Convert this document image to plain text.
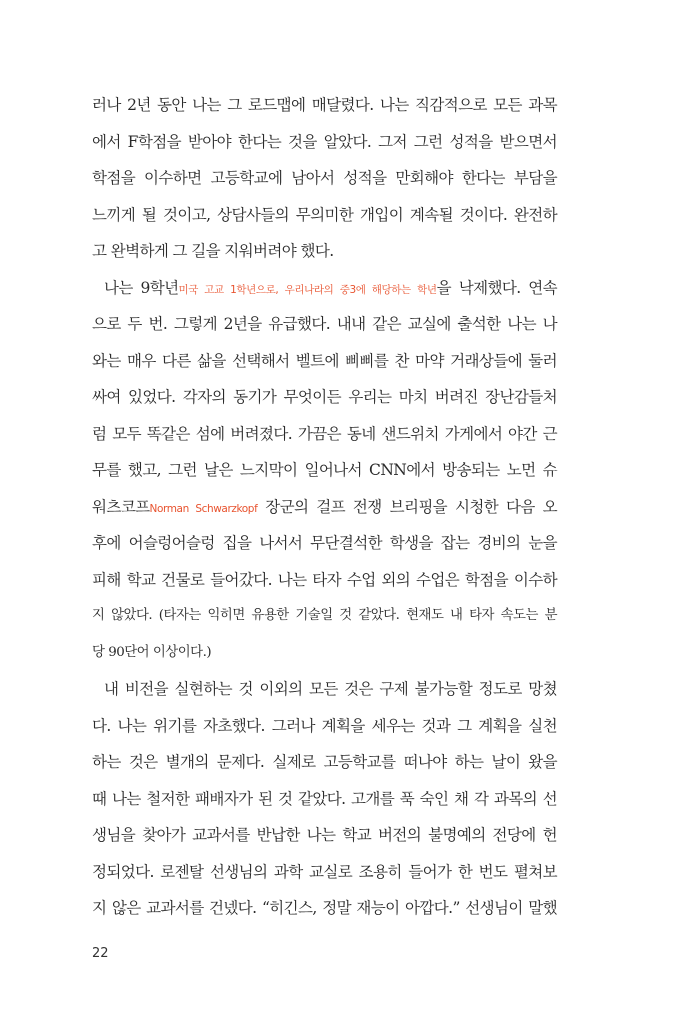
러나 2년 동안 나는 그 로드맵에 매달렸다. 나는 직감적으로 모든 과목
에서 F학점을 받아야 한다는 것을 알았다. 그저 그런 성적을 받으면서
학점을 이수하면 고등학교에 남아서 성적을 만회해야 한다는 부담을
느끼게 될 것이고, 상담사들의 무의미한 개입이 계속될 것이다. 완전하
고 완벽하게 그 길을 지워버려야 했다.
나는 9학년미국 고교 1학년으로, 우리나라의 중3에 해당하는 학년을 낙제했다. 연속
으로 두 번. 그렇게 2년을 유급했다. 내내 같은 교실에 출석한 나는 나
와는 매우 다른 삶을 선택해서 벨트에 삐삐를 찬 마약 거래상들에 둘러
싸여 있었다. 각자의 동기가 무엇이든 우리는 마치 버려진 장난감들처
럼 모두 똑같은 섬에 버려졌다. 가끔은 동네 샌드위치 가게에서 야간 근
무를 했고, 그런 날은 느지막이 일어나서 CNN에서 방송되는 노먼 슈
워츠코프Norman Schwarzkopf 장군의 걸프 전쟁 브리핑을 시청한 다음 오
후에 어슬렁어슬렁 집을 나서서 무단결석한 학생을 잡는 경비의 눈을
피해 학교 건물로 들어갔다. 나는 타자 수업 외의 수업은 학점을 이수하
지 않았다. (타자는 익히면 유용한 기술일 것 같았다. 현재도 내 타자 속도는 분
당 90단어 이상이다.)
내 비전을 실현하는 것 이외의 모든 것은 구제 불가능할 정도로 망쳤
다. 나는 위기를 자초했다. 그러나 계획을 세우는 것과 그 계획을 실천
하는 것은 별개의 문제다. 실제로 고등학교를 떠나야 하는 날이 왔을
때 나는 철저한 패배자가 된 것 같았다. 고개를 푹 숙인 채 각 과목의 선
생님을 찾아가 교과서를 반납한 나는 학교 버전의 불명예의 전당에 헌
정되었다. 로젠탈 선생님의 과학 교실로 조용히 들어가 한 번도 펼쳐보
지 않은 교과서를 건넸다. “히긴스, 정말 재능이 아깝다.” 선생님이 말했
22
